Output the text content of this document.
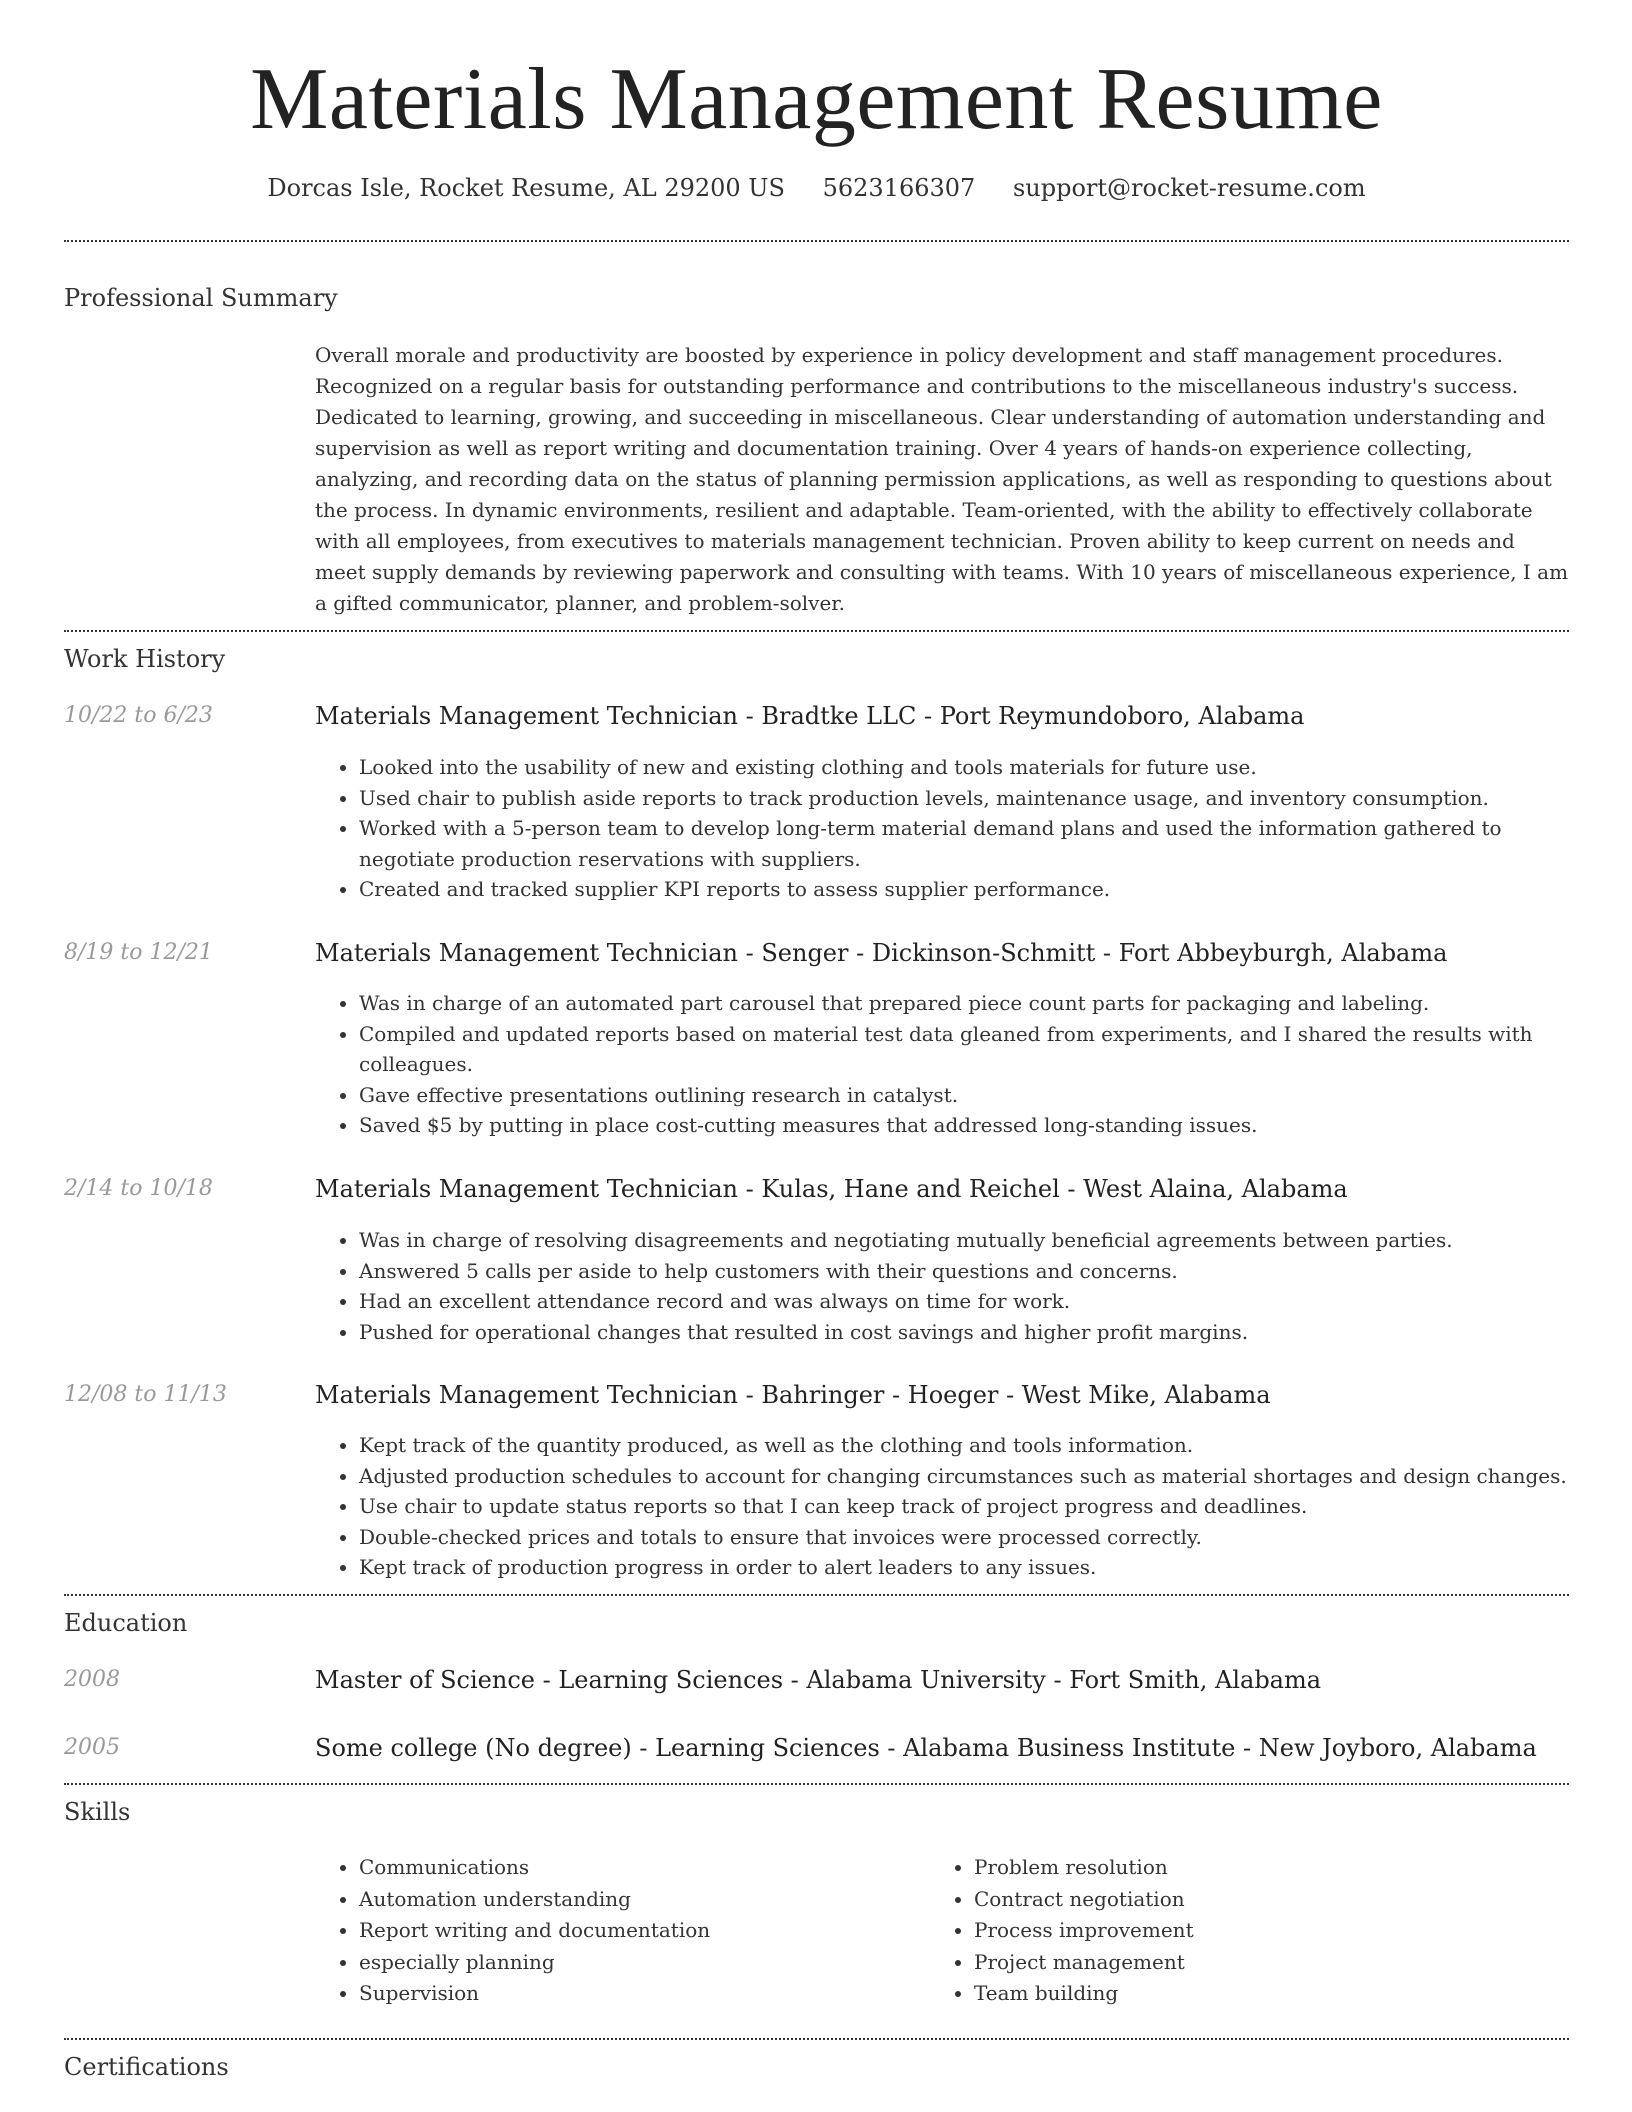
Materials Management Resume
Dorcas Isle, Rocket Resume, AL 29200 US 5623166307 support@rocket-resume.com
Professional Summary
Overall morale and productivity are boosted by experience in policy development and staff management procedures. Recognized on a regular basis for outstanding performance and contributions to the miscellaneous industry's success. Dedicated to learning, growing, and succeeding in miscellaneous. Clear understanding of automation understanding and supervision as well as report writing and documentation training. Over 4 years of hands-on experience collecting, analyzing, and recording data on the status of planning permission applications, as well as responding to questions about the process. In dynamic environments, resilient and adaptable. Team-oriented, with the ability to effectively collaborate with all employees, from executives to materials management technician. Proven ability to keep current on needs and meet supply demands by reviewing paperwork and consulting with teams. With 10 years of miscellaneous experience, I am a gifted communicator, planner, and problem-solver.
Work History
10/22 to 6/23	Materials Management Technician - Bradtke LLC - Port Reymundoboro, Alabama
• Looked into the usability of new and existing clothing and tools materials for future use.
• Used chair to publish aside reports to track production levels, maintenance usage, and inventory consumption.
• Worked with a 5-person team to develop long-term material demand plans and used the information gathered to negotiate production reservations with suppliers.
• Created and tracked supplier KPI reports to assess supplier performance.
8/19 to 12/21	Materials Management Technician - Senger - Dickinson-Schmitt - Fort Abbeyburgh, Alabama
• Was in charge of an automated part carousel that prepared piece count parts for packaging and labeling.
• Compiled and updated reports based on material test data gleaned from experiments, and I shared the results with colleagues.
• Gave effective presentations outlining research in catalyst.
• Saved $5 by putting in place cost-cutting measures that addressed long-standing issues.
2/14 to 10/18	Materials Management Technician - Kulas, Hane and Reichel - West Alaina, Alabama
• Was in charge of resolving disagreements and negotiating mutually beneficial agreements between parties.
• Answered 5 calls per aside to help customers with their questions and concerns.
• Had an excellent attendance record and was always on time for work.
• Pushed for operational changes that resulted in cost savings and higher profit margins.
12/08 to 11/13	Materials Management Technician - Bahringer - Hoeger - West Mike, Alabama
• Kept track of the quantity produced, as well as the clothing and tools information.
• Adjusted production schedules to account for changing circumstances such as material shortages and design changes.
• Use chair to update status reports so that I can keep track of project progress and deadlines.
• Double-checked prices and totals to ensure that invoices were processed correctly.
• Kept track of production progress in order to alert leaders to any issues.
Education
2008	Master of Science - Learning Sciences - Alabama University - Fort Smith, Alabama
2005	Some college (No degree) - Learning Sciences - Alabama Business Institute - New Joyboro, Alabama
Skills
• Communications
• Automation understanding
• Report writing and documentation
• especially planning
• Supervision
• Problem resolution
• Contract negotiation
• Process improvement
• Project management
• Team building
Certifications
